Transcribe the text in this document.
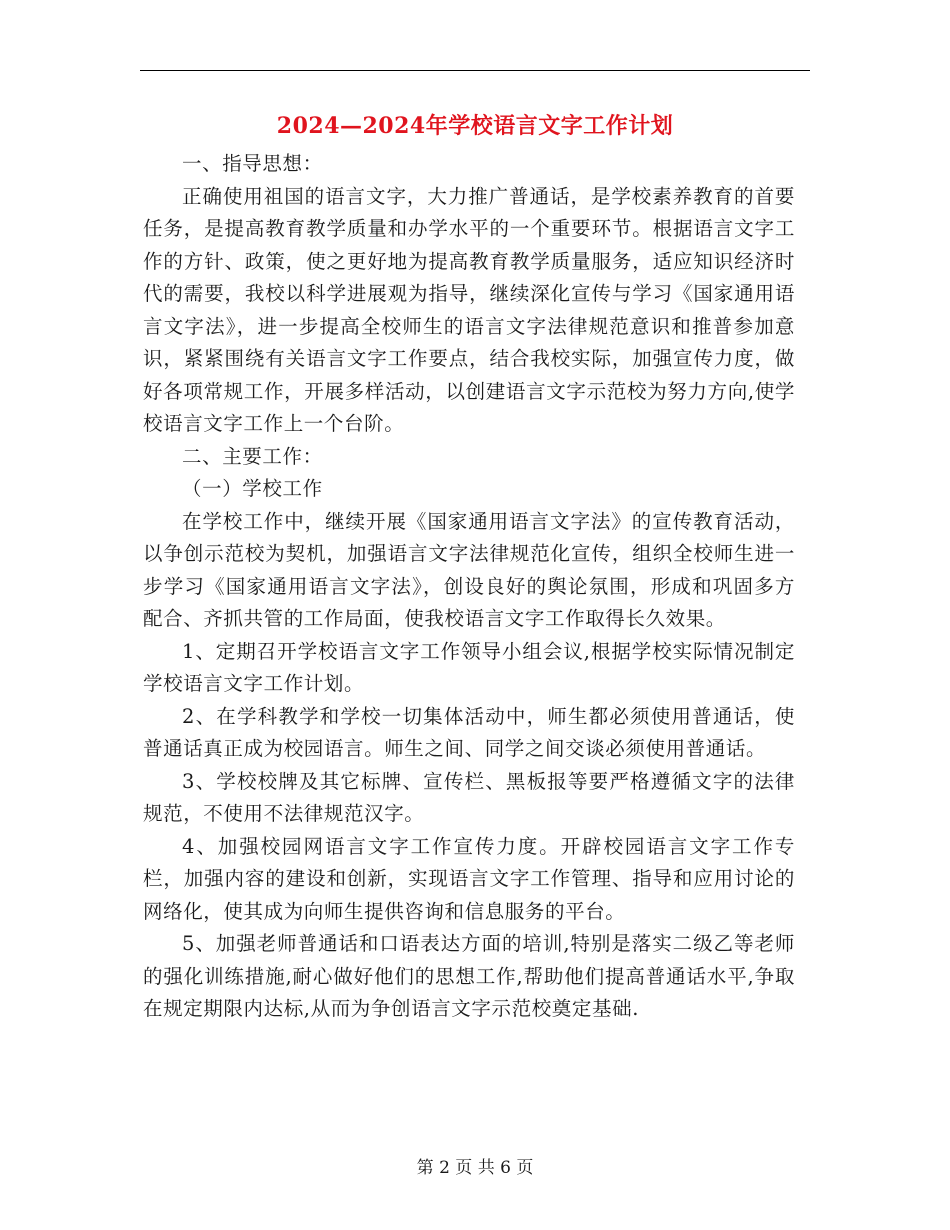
2024—2024年学校语言文字工作计划

一、指导思想：

正确使用祖国的语言文字，大力推广普通话，是学校素养教育的首要任务，是提高教育教学质量和办学水平的一个重要环节。根据语言文字工作的方针、政策，使之更好地为提高教育教学质量服务，适应知识经济时代的需要，我校以科学进展观为指导，继续深化宣传与学习《国家通用语言文字法》，进一步提高全校师生的语言文字法律规范意识和推普参加意识，紧紧围绕有关语言文字工作要点，结合我校实际，加强宣传力度，做好各项常规工作，开展多样活动，以创建语言文字示范校为努力方向,使学校语言文字工作上一个台阶。

二、主要工作：

（一）学校工作

在学校工作中，继续开展《国家通用语言文字法》的宣传教育活动，以争创示范校为契机，加强语言文字法律规范化宣传，组织全校师生进一步学习《国家通用语言文字法》，创设良好的舆论氛围，形成和巩固多方配合、齐抓共管的工作局面，使我校语言文字工作取得长久效果。

1、定期召开学校语言文字工作领导小组会议,根据学校实际情况制定学校语言文字工作计划。

2、在学科教学和学校一切集体活动中，师生都必须使用普通话，使普通话真正成为校园语言。师生之间、同学之间交谈必须使用普通话。

3、学校校牌及其它标牌、宣传栏、黑板报等要严格遵循文字的法律规范，不使用不法律规范汉字。

4、加强校园网语言文字工作宣传力度。开辟校园语言文字工作专栏，加强内容的建设和创新，实现语言文字工作管理、指导和应用讨论的网络化，使其成为向师生提供咨询和信息服务的平台。

5、加强老师普通话和口语表达方面的培训,特别是落实二级乙等老师的强化训练措施,耐心做好他们的思想工作,帮助他们提高普通话水平,争取在规定期限内达标,从而为争创语言文字示范校奠定基础.

第 2 页 共 6 页
